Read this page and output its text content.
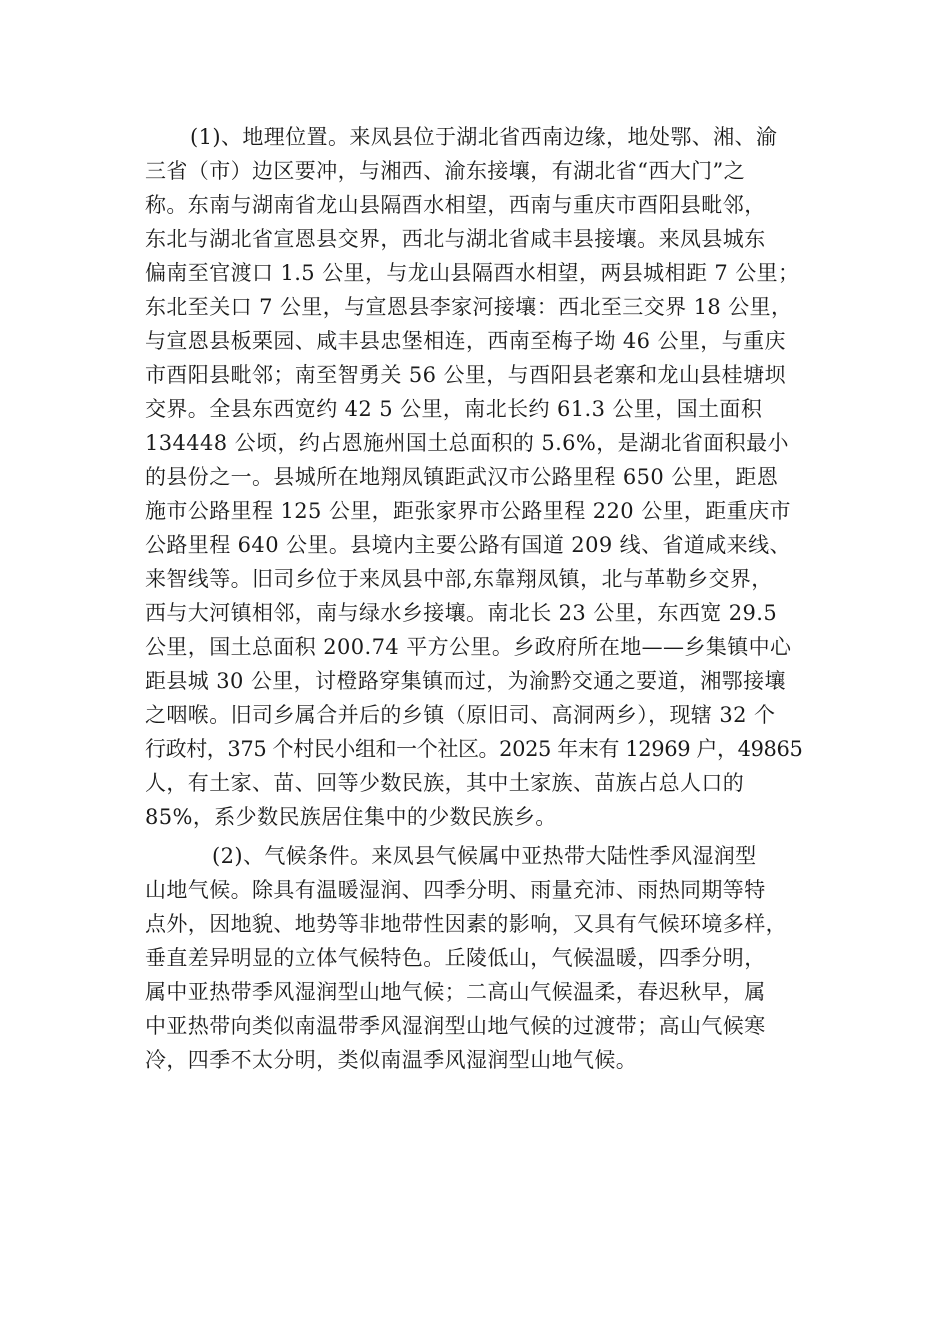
(1)、地理位置。来凤县位于湖北省西南边缘，地处鄂、湘、渝
三省（市）边区要冲，与湘西、渝东接壤，有湖北省“西大门”之
称。东南与湖南省龙山县隔酉水相望，西南与重庆市酉阳县毗邻，
东北与湖北省宣恩县交界，西北与湖北省咸丰县接壤。来凤县城东
偏南至官渡口 1.5 公里，与龙山县隔酉水相望，两县城相距 7 公里；
东北至关口 7 公里，与宣恩县李家河接壤：西北至三交界 18 公里，
与宣恩县板栗园、咸丰县忠堡相连，西南至梅子坳 46 公里，与重庆
市酉阳县毗邻；南至智勇关 56 公里，与酉阳县老寨和龙山县桂塘坝
交界。全县东西宽约 42 5 公里，南北长约 61.3 公里，国土面积
134448 公顷，约占恩施州国土总面积的 5.6%，是湖北省面积最小
的县份之一。县城所在地翔凤镇距武汉市公路里程 650 公里，距恩
施市公路里程 125 公里，距张家界市公路里程 220 公里，距重庆市
公路里程 640 公里。县境内主要公路有国道 209 线、省道咸来线、
来智线等。旧司乡位于来凤县中部,东靠翔凤镇，北与革勒乡交界，
西与大河镇相邻，南与绿水乡接壤。南北长 23 公里，东西宽 29.5
公里，国土总面积 200.74 平方公里。乡政府所在地——乡集镇中心
距县城 30 公里，讨橙路穿集镇而过，为渝黔交通之要道，湘鄂接壤
之咽喉。旧司乡属合并后的乡镇（原旧司、高洞两乡），现辖 32 个
行政村，375 个村民小组和一个社区。2025 年末有 12969 户，49865
人，有土家、苗、回等少数民族，其中土家族、苗族占总人口的
85%，系少数民族居住集中的少数民族乡。
(2)、气候条件。来凤县气候属中亚热带大陆性季风湿润型
山地气候。除具有温暖湿润、四季分明、雨量充沛、雨热同期等特
点外，因地貌、地势等非地带性因素的影响，又具有气候环境多样，
垂直差异明显的立体气候特色。丘陵低山，气候温暖，四季分明，
属中亚热带季风湿润型山地气候；二高山气候温柔，春迟秋早，属
中亚热带向类似南温带季风湿润型山地气候的过渡带；高山气候寒
冷，四季不太分明，类似南温季风湿润型山地气候。
